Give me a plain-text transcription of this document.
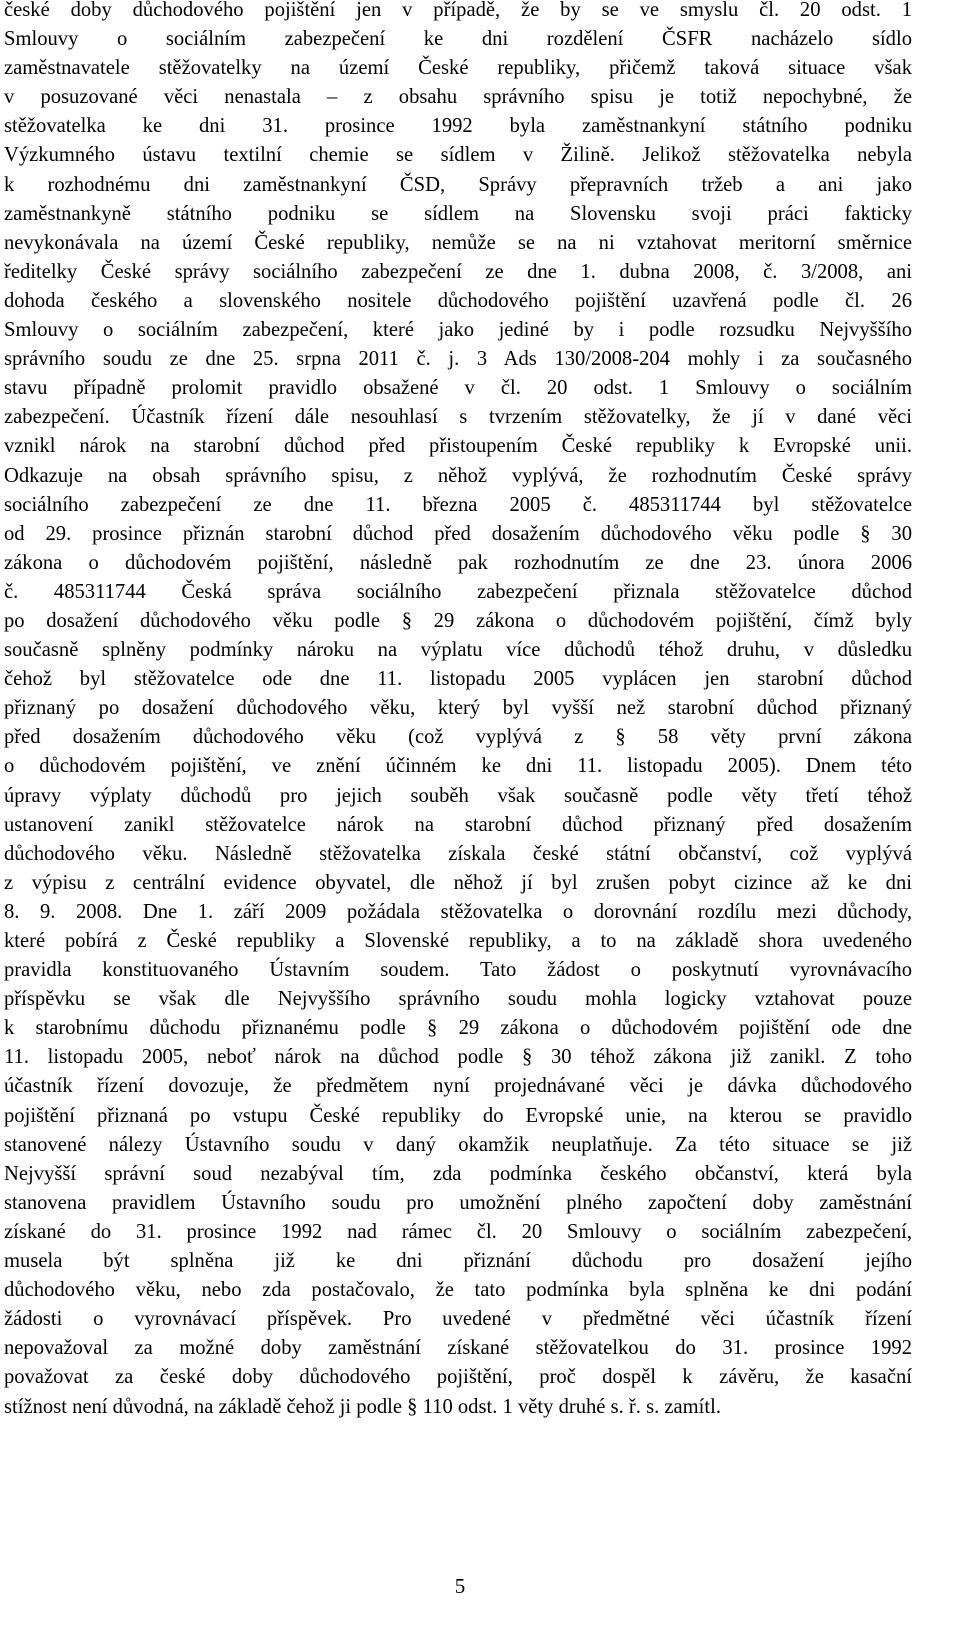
české doby důchodového pojištění jen v případě, že by se ve smyslu čl. 20 odst. 1
Smlouvy o sociálním zabezpečení ke dni rozdělení ČSFR nacházelo sídlo
zaměstnavatele stěžovatelky na území České republiky, přičemž taková situace však
v posuzované věci nenastala – z obsahu správního spisu je totiž nepochybné, že
stěžovatelka ke dni 31. prosince 1992 byla zaměstnankyní státního podniku
Výzkumného ústavu textilní chemie se sídlem v Žilině. Jelikož stěžovatelka nebyla
k rozhodnému dni zaměstnankyní ČSD, Správy přepravních tržeb a ani jako
zaměstnankyně státního podniku se sídlem na Slovensku svoji práci fakticky
nevykonávala na území České republiky, nemůže se na ni vztahovat meritorní směrnice
ředitelky České správy sociálního zabezpečení ze dne 1. dubna 2008, č. 3/2008, ani
dohoda českého a slovenského nositele důchodového pojištění uzavřená podle čl. 26
Smlouvy o sociálním zabezpečení, které jako jediné by i podle rozsudku Nejvyššího
správního soudu ze dne 25. srpna 2011 č. j. 3 Ads 130/2008-204 mohly i za současného
stavu případně prolomit pravidlo obsažené v čl. 20 odst. 1 Smlouvy o sociálním
zabezpečení. Účastník řízení dále nesouhlasí s tvrzením stěžovatelky, že jí v dané věci
vznikl nárok na starobní důchod před přistoupením České republiky k Evropské unii.
Odkazuje na obsah správního spisu, z něhož vyplývá, že rozhodnutím České správy
sociálního zabezpečení ze dne 11. března 2005 č. 485311744 byl stěžovatelce
od 29. prosince přiznán starobní důchod před dosažením důchodového věku podle § 30
zákona o důchodovém pojištění, následně pak rozhodnutím ze dne 23. února 2006
č. 485311744 Česká správa sociálního zabezpečení přiznala stěžovatelce důchod
po dosažení důchodového věku podle § 29 zákona o důchodovém pojištění, čímž byly
současně splněny podmínky nároku na výplatu více důchodů téhož druhu, v důsledku
čehož byl stěžovatelce ode dne 11. listopadu 2005 vyplácen jen starobní důchod
přiznaný po dosažení důchodového věku, který byl vyšší než starobní důchod přiznaný
před dosažením důchodového věku (což vyplývá z § 58 věty první zákona
o důchodovém pojištění, ve znění účinném ke dni 11. listopadu 2005). Dnem této
úpravy výplaty důchodů pro jejich souběh však současně podle věty třetí téhož
ustanovení zanikl stěžovatelce nárok na starobní důchod přiznaný před dosažením
důchodového věku. Následně stěžovatelka získala české státní občanství, což vyplývá
z výpisu z centrální evidence obyvatel, dle něhož jí byl zrušen pobyt cizince až ke dni
8. 9. 2008. Dne 1. září 2009 požádala stěžovatelka o dorovnání rozdílu mezi důchody,
které pobírá z České republiky a Slovenské republiky, a to na základě shora uvedeného
pravidla konstituovaného Ústavním soudem. Tato žádost o poskytnutí vyrovnávacího
příspěvku se však dle Nejvyššího správního soudu mohla logicky vztahovat pouze
k starobnímu důchodu přiznanému podle § 29 zákona o důchodovém pojištění ode dne
11. listopadu 2005, neboť nárok na důchod podle § 30 téhož zákona již zanikl. Z toho
účastník řízení dovozuje, že předmětem nyní projednávané věci je dávka důchodového
pojištění přiznaná po vstupu České republiky do Evropské unie, na kterou se pravidlo
stanovené nálezy Ústavního soudu v daný okamžik neuplatňuje. Za této situace se již
Nejvyšší správní soud nezabýval tím, zda podmínka českého občanství, která byla
stanovena pravidlem Ústavního soudu pro umožnění plného započtení doby zaměstnání
získané do 31. prosince 1992 nad rámec čl. 20 Smlouvy o sociálním zabezpečení,
musela být splněna již ke dni přiznání důchodu pro dosažení jejího
důchodového věku, nebo zda postačovalo, že tato podmínka byla splněna ke dni podání
žádosti o vyrovnávací příspěvek. Pro uvedené v předmětné věci účastník řízení
nepovažoval za možné doby zaměstnání získané stěžovatelkou do 31. prosince 1992
považovat za české doby důchodového pojištění, proč dospěl k závěru, že kasační
stížnost není důvodná, na základě čehož ji podle § 110 odst. 1 věty druhé s. ř. s. zamítl.
5
